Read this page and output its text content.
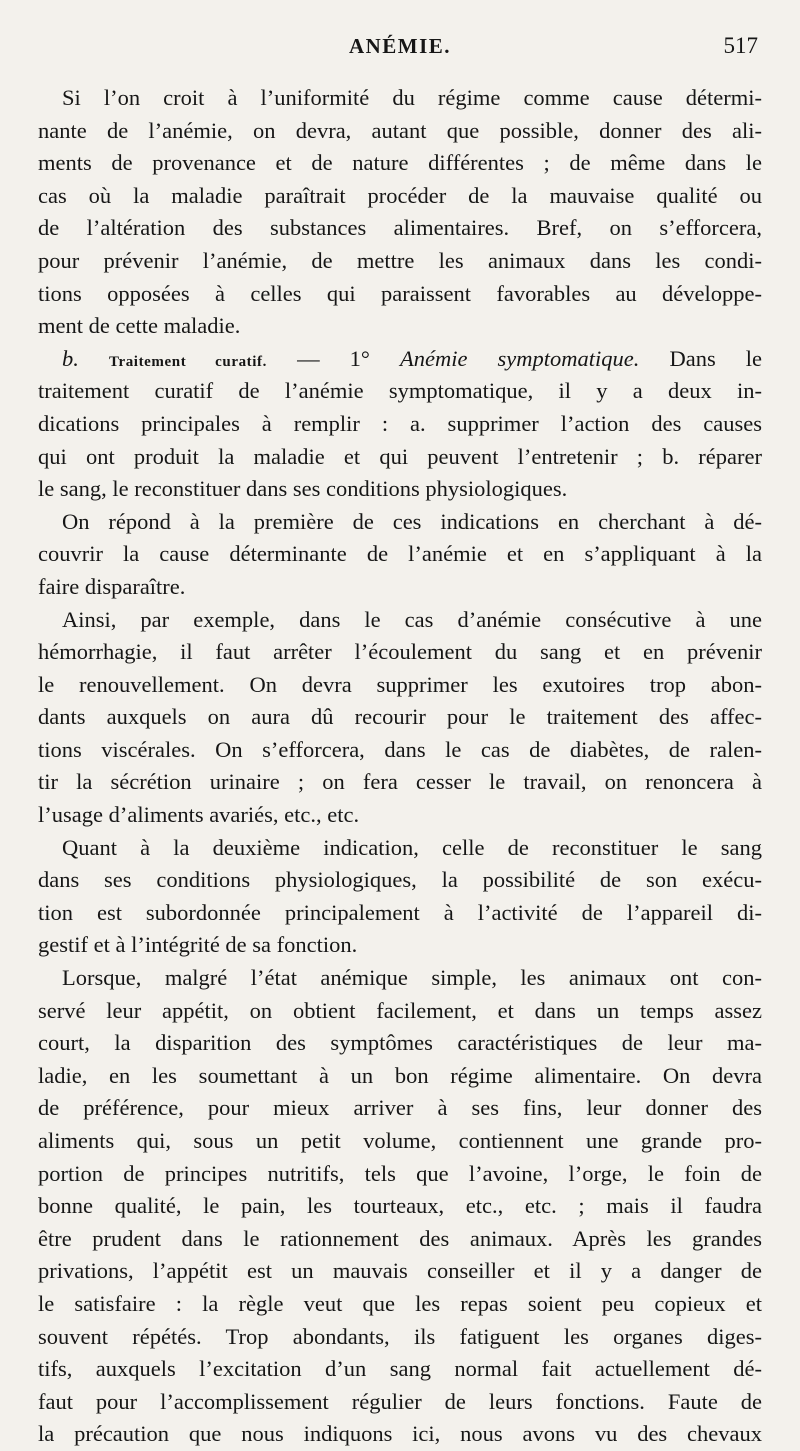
ANÉMIE.	517
Si l’on croit à l’uniformité du régime comme cause détermi-
nante de l’anémie, on devra, autant que possible, donner des ali-
ments de provenance et de nature différentes ; de même dans le
cas où la maladie paraîtrait procéder de la mauvaise qualité ou
de l’altération des substances alimentaires. Bref, on s’efforcera,
pour prévenir l’anémie, de mettre les animaux dans les condi-
tions opposées à celles qui paraissent favorables au développe-
ment de cette maladie.
b. Traitement curatif. — 1° Anémie symptomatique. Dans le
traitement curatif de l’anémie symptomatique, il y a deux in-
dications principales à remplir : a. supprimer l’action des causes
qui ont produit la maladie et qui peuvent l’entretenir ; b. réparer
le sang, le reconstituer dans ses conditions physiologiques.
On répond à la première de ces indications en cherchant à dé-
couvrir la cause déterminante de l’anémie et en s’appliquant à la
faire disparaître.
Ainsi, par exemple, dans le cas d’anémie consécutive à une
hémorrhagie, il faut arrêter l’écoulement du sang et en prévenir
le renouvellement. On devra supprimer les exutoires trop abon-
dants auxquels on aura dû recourir pour le traitement des affec-
tions viscérales. On s’efforcera, dans le cas de diabètes, de ralen-
tir la sécrétion urinaire ; on fera cesser le travail, on renoncera à
l’usage d’aliments avariés, etc., etc.
Quant à la deuxième indication, celle de reconstituer le sang
dans ses conditions physiologiques, la possibilité de son exécu-
tion est subordonnée principalement à l’activité de l’appareil di-
gestif et à l’intégrité de sa fonction.
Lorsque, malgré l’état anémique simple, les animaux ont con-
servé leur appétit, on obtient facilement, et dans un temps assez
court, la disparition des symptômes caractéristiques de leur ma-
ladie, en les soumettant à un bon régime alimentaire. On devra
de préférence, pour mieux arriver à ses fins, leur donner des
aliments qui, sous un petit volume, contiennent une grande pro-
portion de principes nutritifs, tels que l’avoine, l’orge, le foin de
bonne qualité, le pain, les tourteaux, etc., etc. ; mais il faudra
être prudent dans le rationnement des animaux. Après les grandes
privations, l’appétit est un mauvais conseiller et il y a danger de
le satisfaire : la règle veut que les repas soient peu copieux et
souvent répétés. Trop abondants, ils fatiguent les organes diges-
tifs, auxquels l’excitation d’un sang normal fait actuellement dé-
faut pour l’accomplissement régulier de leurs fonctions. Faute de
la précaution que nous indiquons ici, nous avons vu des chevaux
